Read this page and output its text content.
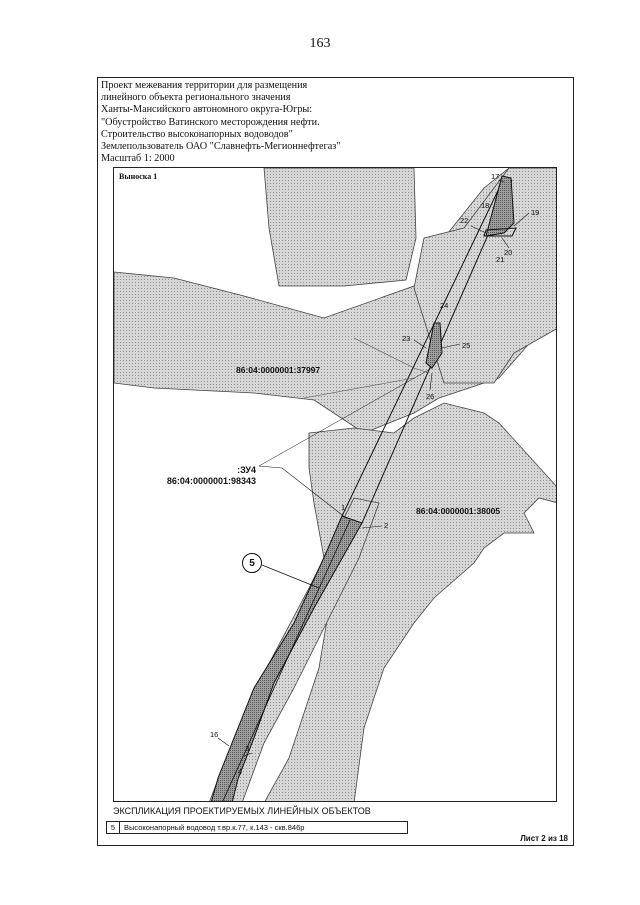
163
Проект межевания территории для размещения
линейного объекта регионального значения
Ханты-Мансийского автономного округа-Югры:
"Обустройство Ватинского месторождения нефти.
Строительство высоконапорных водоводов"
Землепользователь ОАО "Славнефть-Мегионнефтегаз"
Масштаб 1: 2000
Выноска 1
86:04:0000001:37997
86:04:0000001:38005
:ЗУ4
86:04:0000001:98343
5
17
18
19
22
20
21
24
23
25
26
1
2
16
3
4
ЭКСПЛИКАЦИЯ ПРОЕКТИРУЕМЫХ ЛИНЕЙНЫХ ОБЪЕКТОВ
5	Высоконапорный водовод т.вр.к.77, к.143 - скв.846р
Лист 2 из 18
